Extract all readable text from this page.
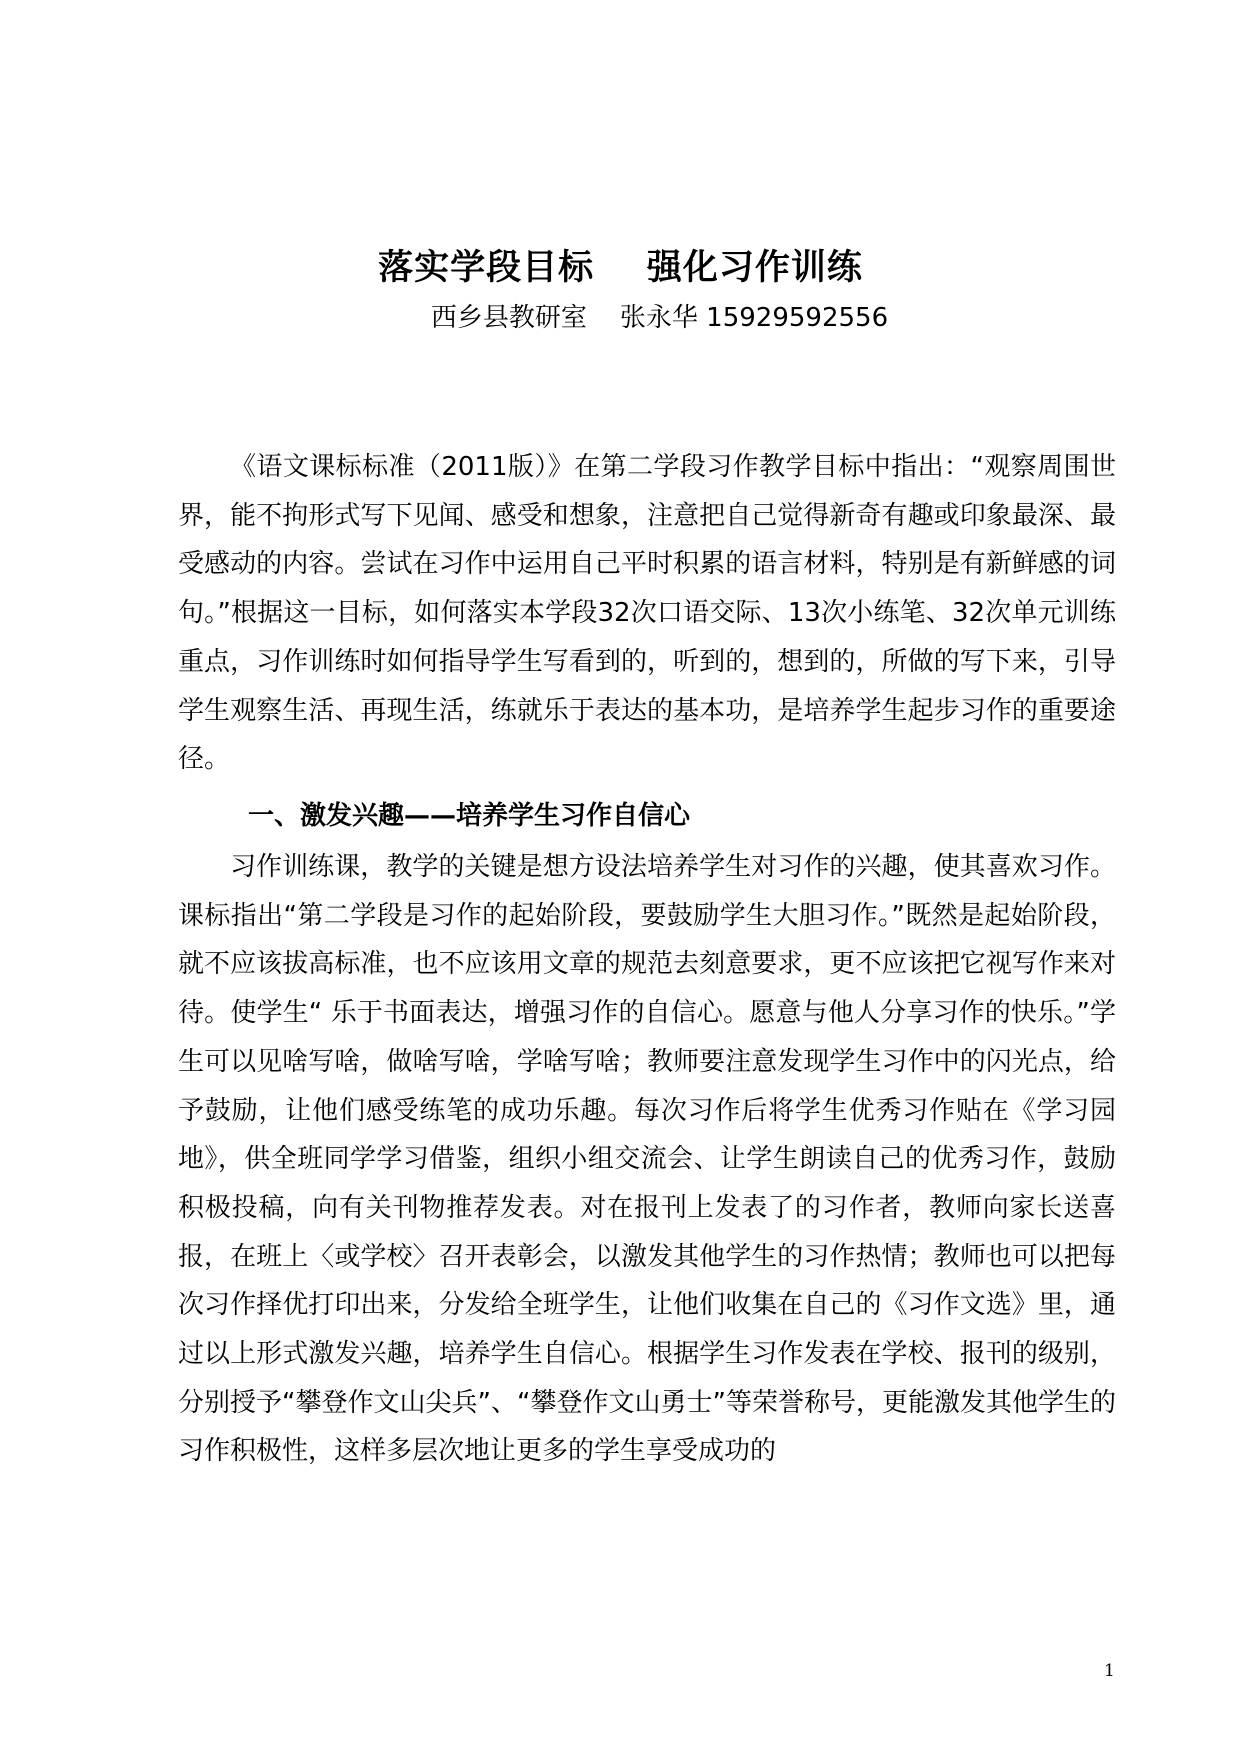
落实学段目标    强化习作训练
西乡县教研室    张永华 15929592556

《语文课标标准（2011版）》在第二学段习作教学目标中指出：“观察周围世界，能不拘形式写下见闻、感受和想象，注意把自己觉得新奇有趣或印象最深、最受感动的内容。尝试在习作中运用自己平时积累的语言材料，特别是有新鲜感的词句。”根据这一目标，如何落实本学段32次口语交际、13次小练笔、32次单元训练重点，习作训练时如何指导学生写看到的，听到的，想到的，所做的写下来，引导学生观察生活、再现生活，练就乐于表达的基本功，是培养学生起步习作的重要途径。

一、激发兴趣——培养学生习作自信心

习作训练课，教学的关键是想方设法培养学生对习作的兴趣，使其喜欢习作。课标指出“第二学段是习作的起始阶段，要鼓励学生大胆习作。”既然是起始阶段，就不应该拔高标准，也不应该用文章的规范去刻意要求，更不应该把它视写作来对待。使学生“ 乐于书面表达，增强习作的自信心。愿意与他人分享习作的快乐。”学生可以见啥写啥，做啥写啥，学啥写啥；教师要注意发现学生习作中的闪光点，给予鼓励，让他们感受练笔的成功乐趣。每次习作后将学生优秀习作贴在《学习园地》，供全班同学学习借鉴，组织小组交流会、让学生朗读自己的优秀习作，鼓励积极投稿，向有关刊物推荐发表。对在报刊上发表了的习作者，教师向家长送喜报，在班上〈或学校〉召开表彰会，以激发其他学生的习作热情；教师也可以把每次习作择优打印出来，分发给全班学生，让他们收集在自己的《习作文选》里，通过以上形式激发兴趣，培养学生自信心。根据学生习作发表在学校、报刊的级别，分别授予“攀登作文山尖兵”、“攀登作文山勇士”等荣誉称号，更能激发其他学生的习作积极性，这样多层次地让更多的学生享受成功的

1
